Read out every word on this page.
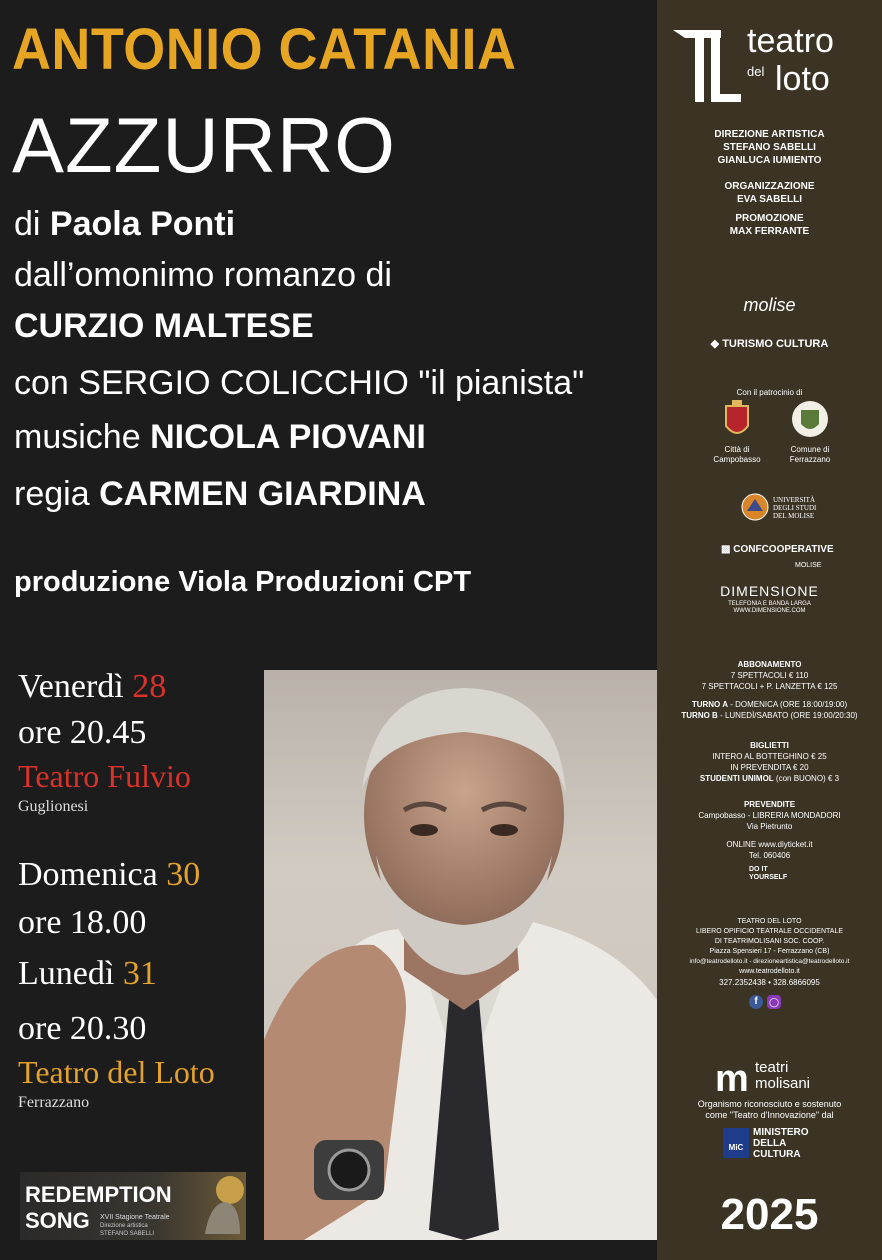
ANTONIO CATANIA
AZZURRO
di Paola Ponti
dall’omonimo romanzo di
CURZIO MALTESE
con SERGIO COLICCHIO "il pianista"
musiche NICOLA PIOVANI
regia CARMEN GIARDINA
produzione Viola Produzioni CPT
Venerdì 28
ore 20.45
Teatro Fulvio
Guglionesi
Domenica 30
ore 18.00
Lunedì 31
ore 20.30
Teatro del Loto
Ferrazzano
REDEMPTION
SONG XVII Stagione Teatrale
Direzione artistica
STEFANO SABELLI
teatro
del loto
DIREZIONE ARTISTICA
STEFANO SABELLI
GIANLUCA IUMIENTO
ORGANIZZAZIONE
EVA SABELLI
PROMOZIONE
MAX FERRANTE
molise
◆ TURISMO CULTURA
Con il patrocinio di
Città di
Campobasso
Comune di
Ferrazzano
UNIVERSITÀ
DEGLI STUDI
DEL MOLISE
▩ CONFCOOPERATIVE
MOLISE
DIMENSIONE
TELEFONIA E BANDA LARGA
WWW.DIMENSIONE.COM
ABBONAMENTO
7 SPETTACOLI € 110
7 SPETTACOLI + P. LANZETTA € 125
TURNO A - DOMENICA (ORE 18:00/19:00)
TURNO B - LUNEDÌ/SABATO (ORE 19:00/20:30)
BIGLIETTI
INTERO AL BOTTEGHINO € 25
IN PREVENDITA € 20
STUDENTI UNIMOL (con BUONO) € 3
PREVENDITE
Campobasso - LIBRERIA MONDADORI
Via Pietrunto
ONLINE www.diyticket.it
Tel. 060406
DO IT
YOURSELF
TEATRO DEL LOTO
LIBERO OPIFICIO TEATRALE OCCIDENTALE
DI TEATRIMOLISANI SOC. COOP.
Piazza Spensieri 17 - Ferrazzano (CB)
info@teatrodelloto.it - direzioneartistica@teatrodelloto.it
www.teatrodelloto.it
327.2352438 • 328.6866095
f	◯
m teatri
molisani
Organismo riconosciuto e sostenuto
come "Teatro d'Innovazione" dal
MiC
MINISTERO
DELLA
CULTURA
2025
